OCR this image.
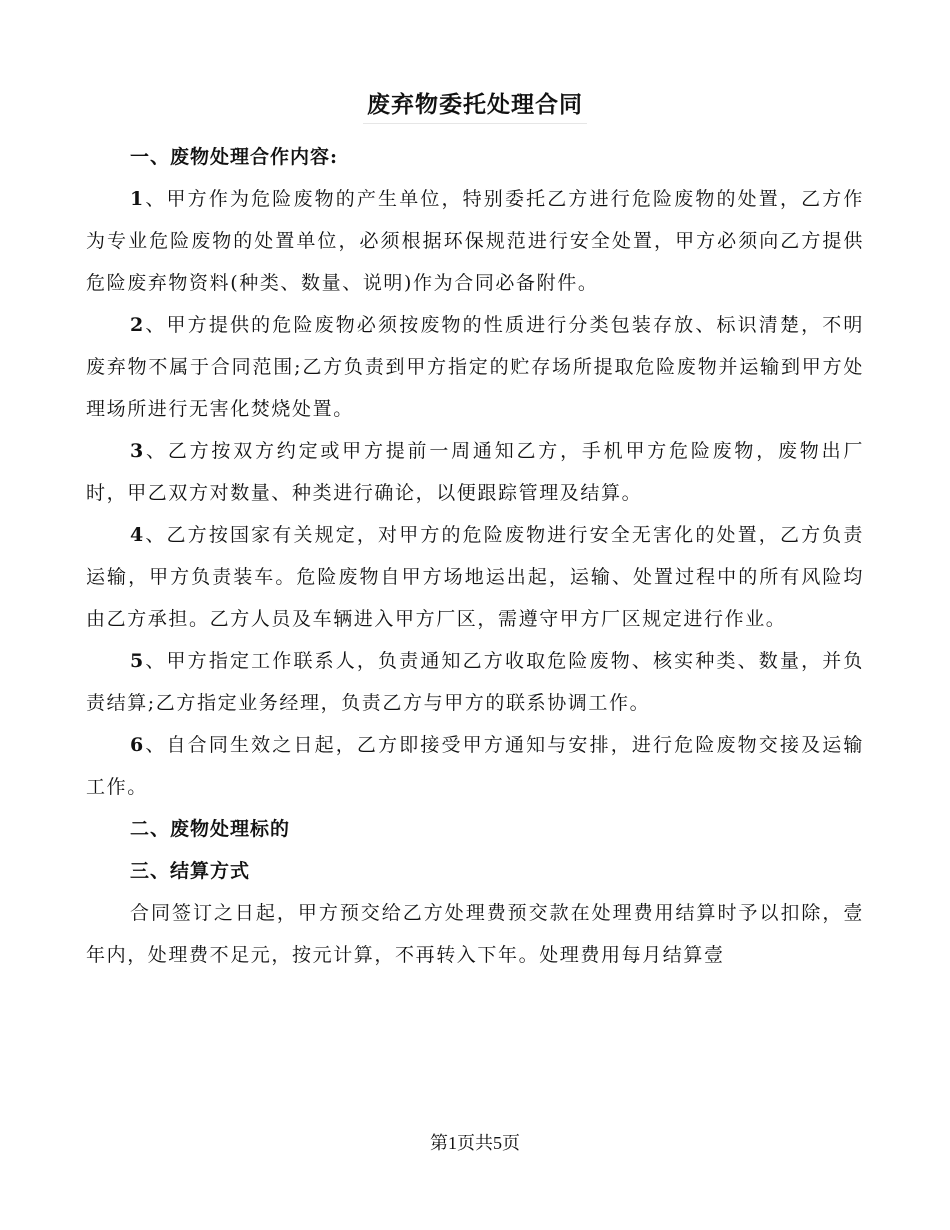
废弃物委托处理合同

一、废物处理合作内容:

1、甲方作为危险废物的产生单位，特别委托乙方进行危险废物的处置，乙方作为专业危险废物的处置单位，必须根据环保规范进行安全处置，甲方必须向乙方提供危险废弃物资料(种类、数量、说明)作为合同必备附件。

2、甲方提供的危险废物必须按废物的性质进行分类包装存放、标识清楚，不明废弃物不属于合同范围;乙方负责到甲方指定的贮存场所提取危险废物并运输到甲方处理场所进行无害化焚烧处置。

3、乙方按双方约定或甲方提前一周通知乙方，手机甲方危险废物，废物出厂时，甲乙双方对数量、种类进行确论，以便跟踪管理及结算。

4、乙方按国家有关规定，对甲方的危险废物进行安全无害化的处置，乙方负责运输，甲方负责装车。危险废物自甲方场地运出起，运输、处置过程中的所有风险均由乙方承担。乙方人员及车辆进入甲方厂区，需遵守甲方厂区规定进行作业。

5、甲方指定工作联系人，负责通知乙方收取危险废物、核实种类、数量，并负责结算;乙方指定业务经理，负责乙方与甲方的联系协调工作。

6、自合同生效之日起，乙方即接受甲方通知与安排，进行危险废物交接及运输工作。

二、废物处理标的

三、结算方式

合同签订之日起，甲方预交给乙方处理费预交款在处理费用结算时予以扣除，壹年内，处理费不足元，按元计算，不再转入下年。处理费用每月结算壹

第1页共5页
